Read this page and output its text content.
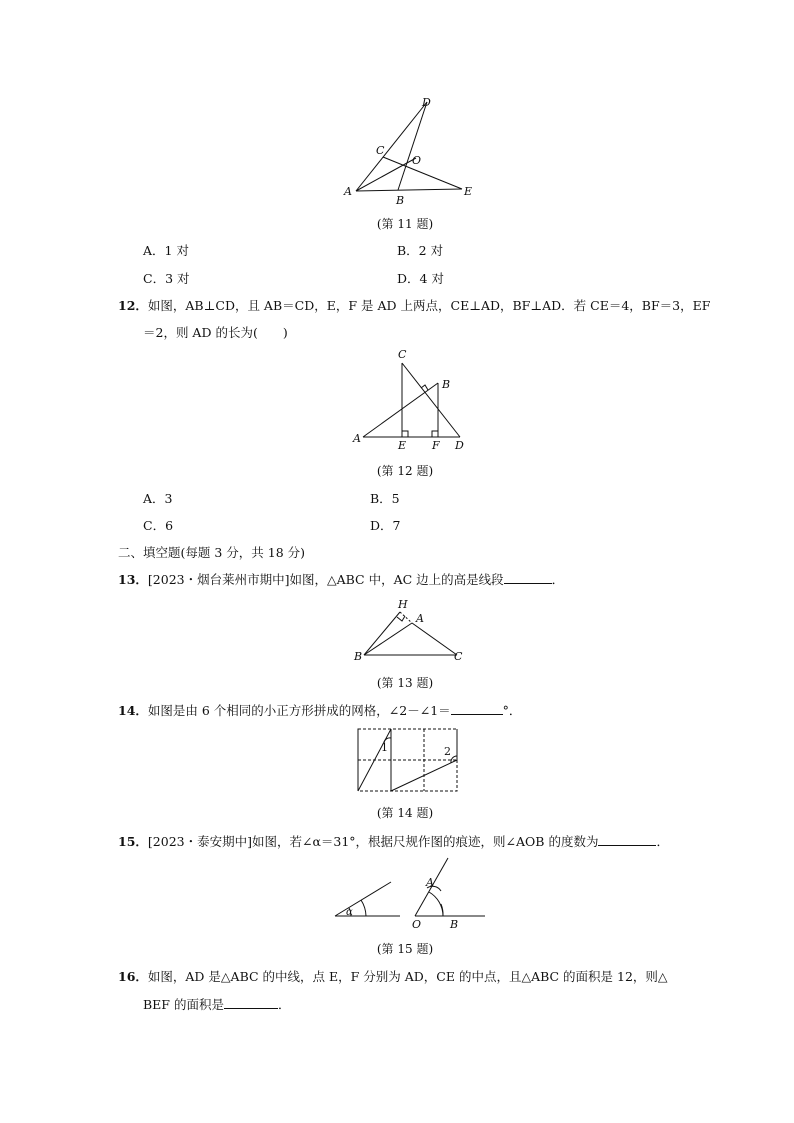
D
C
O
A
B
E
(第 11 题)
A．1 对	B．2 对
C．3 对	D．4 对
12．如图，AB⊥CD，且 AB＝CD，E，F 是 AD 上两点，CE⊥AD，BF⊥AD．若 CE＝4，BF＝3，EF
＝2，则 AD 的长为(　　)
C
B
A
E F D
(第 12 题)
A．3	B．5
C．6	D．7
二、填空题(每题 3 分，共 18 分)
13．[2023・烟台莱州市期中]如图，△ABC 中，AC 边上的高是线段	．
H
A
B	C
(第 13 题)
14．如图是由 6 个相同的小正方形拼成的网格，∠2－∠1＝	°．
1	2
(第 14 题)
15．[2023・泰安期中]如图，若∠α＝31°，根据尺规作图的痕迹，则∠AOB 的度数为	．
α
A
O	B
(第 15 题)
16．如图，AD 是△ABC 的中线，点 E，F 分别为 AD，CE 的中点，且△ABC 的面积是 12，则△
BEF 的面积是	．
